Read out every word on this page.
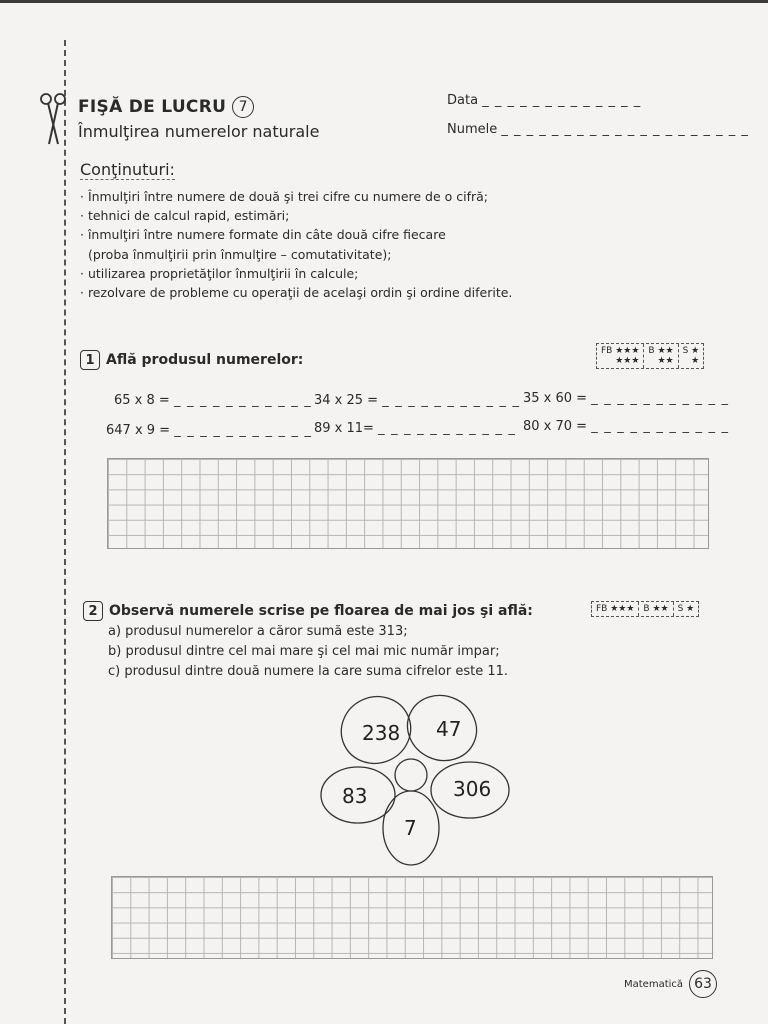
FIŞĂ DE LUCRU 7
Înmulţirea numerelor naturale
Data _ _ _ _ _ _ _ _ _ _ _ _ _
Numele _ _ _ _ _ _ _ _ _ _ _ _ _ _ _ _ _ _ _ _
Conţinuturi:
· Înmulţiri între numere de două şi trei cifre cu numere de o cifră;
· tehnici de calcul rapid, estimări;
· înmulţiri între numere formate din câte două cifre fiecare
(proba înmulţirii prin înmulţire – comutativitate);
· utilizarea proprietăţilor înmulţirii în calcule;
· rezolvare de probleme cu operaţii de acelaşi ordin şi ordine diferite.
1 Află produsul numerelor:
FB ★★★
★★★
B ★★
★★
S ★
★
65 x 8 = _ _ _ _ _ _ _ _ _ _ _ 34 x 25 = _ _ _ _ _ _ _ _ _ _ _ 35 x 60 = _ _ _ _ _ _ _ _ _ _ _
647 x 9 = _ _ _ _ _ _ _ _ _ _ _ 89 x 11= _ _ _ _ _ _ _ _ _ _ _ 80 x 70 = _ _ _ _ _ _ _ _ _ _ _
2 Observă numerele scrise pe floarea de mai jos şi află:	FB ★★★	B ★★	S ★
a) produsul numerelor a căror sumă este 313;
b) produsul dintre cel mai mare şi cel mai mic număr impar;
c) produsul dintre două numere la care suma cifrelor este 11.
238 47
83	306
7
Matematică 63
